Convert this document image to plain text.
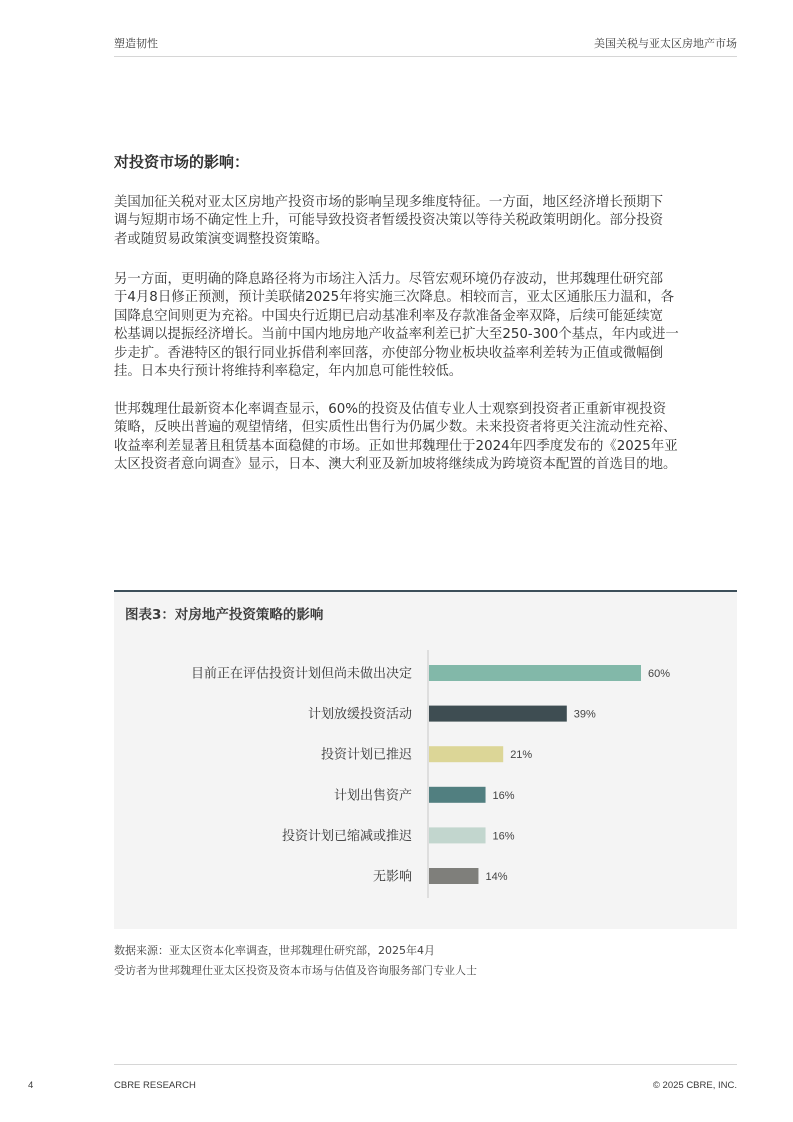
塑造韧性	美国关税与亚太区房地产市场
对投资市场的影响：

美国加征关税对亚太区房地产投资市场的影响呈现多维度特征。一方面，地区经济增长预期下
调与短期市场不确定性上升，可能导致投资者暂缓投资决策以等待关税政策明朗化。部分投资
者或随贸易政策演变调整投资策略。

另一方面，更明确的降息路径将为市场注入活力。尽管宏观环境仍存波动，世邦魏理仕研究部
于4月8日修正预测，预计美联储2025年将实施三次降息。相较而言，亚太区通胀压力温和，各
国降息空间则更为充裕。中国央行近期已启动基准利率及存款准备金率双降，后续可能延续宽
松基调以提振经济增长。当前中国内地房地产收益率利差已扩大至250-300个基点，年内或进一
步走扩。香港特区的银行同业拆借利率回落，亦使部分物业板块收益率利差转为正值或微幅倒
挂。日本央行预计将维持利率稳定，年内加息可能性较低。

世邦魏理仕最新资本化率调查显示，60%的投资及估值专业人士观察到投资者正重新审视投资
策略，反映出普遍的观望情绪，但实质性出售行为仍属少数。未来投资者将更关注流动性充裕、
收益率利差显著且租赁基本面稳健的市场。正如世邦魏理仕于2024年四季度发布的《2025年亚
太区投资者意向调查》显示，日本、澳大利亚及新加坡将继续成为跨境资本配置的首选目的地。

图表3：对房地产投资策略的影响
目前正在评估投资计划但尚未做出决定	60%
计划放缓投资活动	39%
投资计划已推迟	21%
计划出售资产	16%
投资计划已缩减或推迟	16%
无影响	14%
数据来源：亚太区资本化率调查，世邦魏理仕研究部，2025年4月
受访者为世邦魏理仕亚太区投资及资本市场与估值及咨询服务部门专业人士
4	CBRE RESEARCH	© 2025 CBRE, INC.
